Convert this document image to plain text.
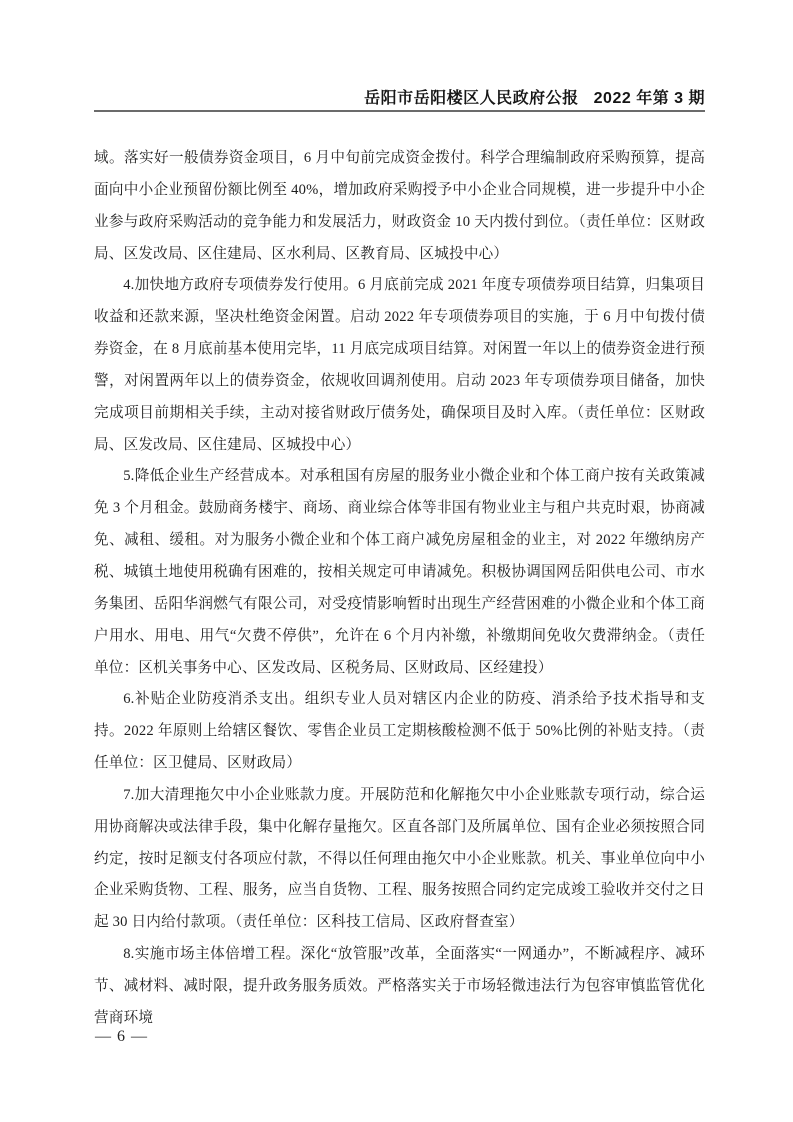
岳阳市岳阳楼区人民政府公报 2022 年第 3 期

域。落实好一般债券资金项目，6 月中旬前完成资金拨付。科学合理编制政府采购预算，提高面向中小企业预留份额比例至 40%，增加政府采购授予中小企业合同规模，进一步提升中小企业参与政府采购活动的竞争能力和发展活力，财政资金 10 天内拨付到位。（责任单位：区财政局、区发改局、区住建局、区水利局、区教育局、区城投中心）

4.加快地方政府专项债券发行使用。6 月底前完成 2021 年度专项债券项目结算，归集项目收益和还款来源，坚决杜绝资金闲置。启动 2022 年专项债券项目的实施，于 6 月中旬拨付债券资金，在 8 月底前基本使用完毕，11 月底完成项目结算。对闲置一年以上的债券资金进行预警，对闲置两年以上的债券资金，依规收回调剂使用。启动 2023 年专项债券项目储备，加快完成项目前期相关手续，主动对接省财政厅债务处，确保项目及时入库。（责任单位：区财政局、区发改局、区住建局、区城投中心）

5.降低企业生产经营成本。对承租国有房屋的服务业小微企业和个体工商户按有关政策减免 3 个月租金。鼓励商务楼宇、商场、商业综合体等非国有物业业主与租户共克时艰，协商减免、减租、缓租。对为服务小微企业和个体工商户减免房屋租金的业主，对 2022 年缴纳房产税、城镇土地使用税确有困难的，按相关规定可申请减免。积极协调国网岳阳供电公司、市水务集团、岳阳华润燃气有限公司，对受疫情影响暂时出现生产经营困难的小微企业和个体工商户用水、用电、用气“欠费不停供”，允许在 6 个月内补缴，补缴期间免收欠费滞纳金。（责任单位：区机关事务中心、区发改局、区税务局、区财政局、区经建投）

6.补贴企业防疫消杀支出。组织专业人员对辖区内企业的防疫、消杀给予技术指导和支持。2022 年原则上给辖区餐饮、零售企业员工定期核酸检测不低于 50%比例的补贴支持。（责任单位：区卫健局、区财政局）

7.加大清理拖欠中小企业账款力度。开展防范和化解拖欠中小企业账款专项行动，综合运用协商解决或法律手段，集中化解存量拖欠。区直各部门及所属单位、国有企业必须按照合同约定，按时足额支付各项应付款，不得以任何理由拖欠中小企业账款。机关、事业单位向中小企业采购货物、工程、服务，应当自货物、工程、服务按照合同约定完成竣工验收并交付之日起 30 日内给付款项。（责任单位：区科技工信局、区政府督查室）

8.实施市场主体倍增工程。深化“放管服”改革，全面落实“一网通办”，不断减程序、减环节、减材料、减时限，提升政务服务质效。严格落实关于市场轻微违法行为包容审慎监管优化营商环境

— 6 —
